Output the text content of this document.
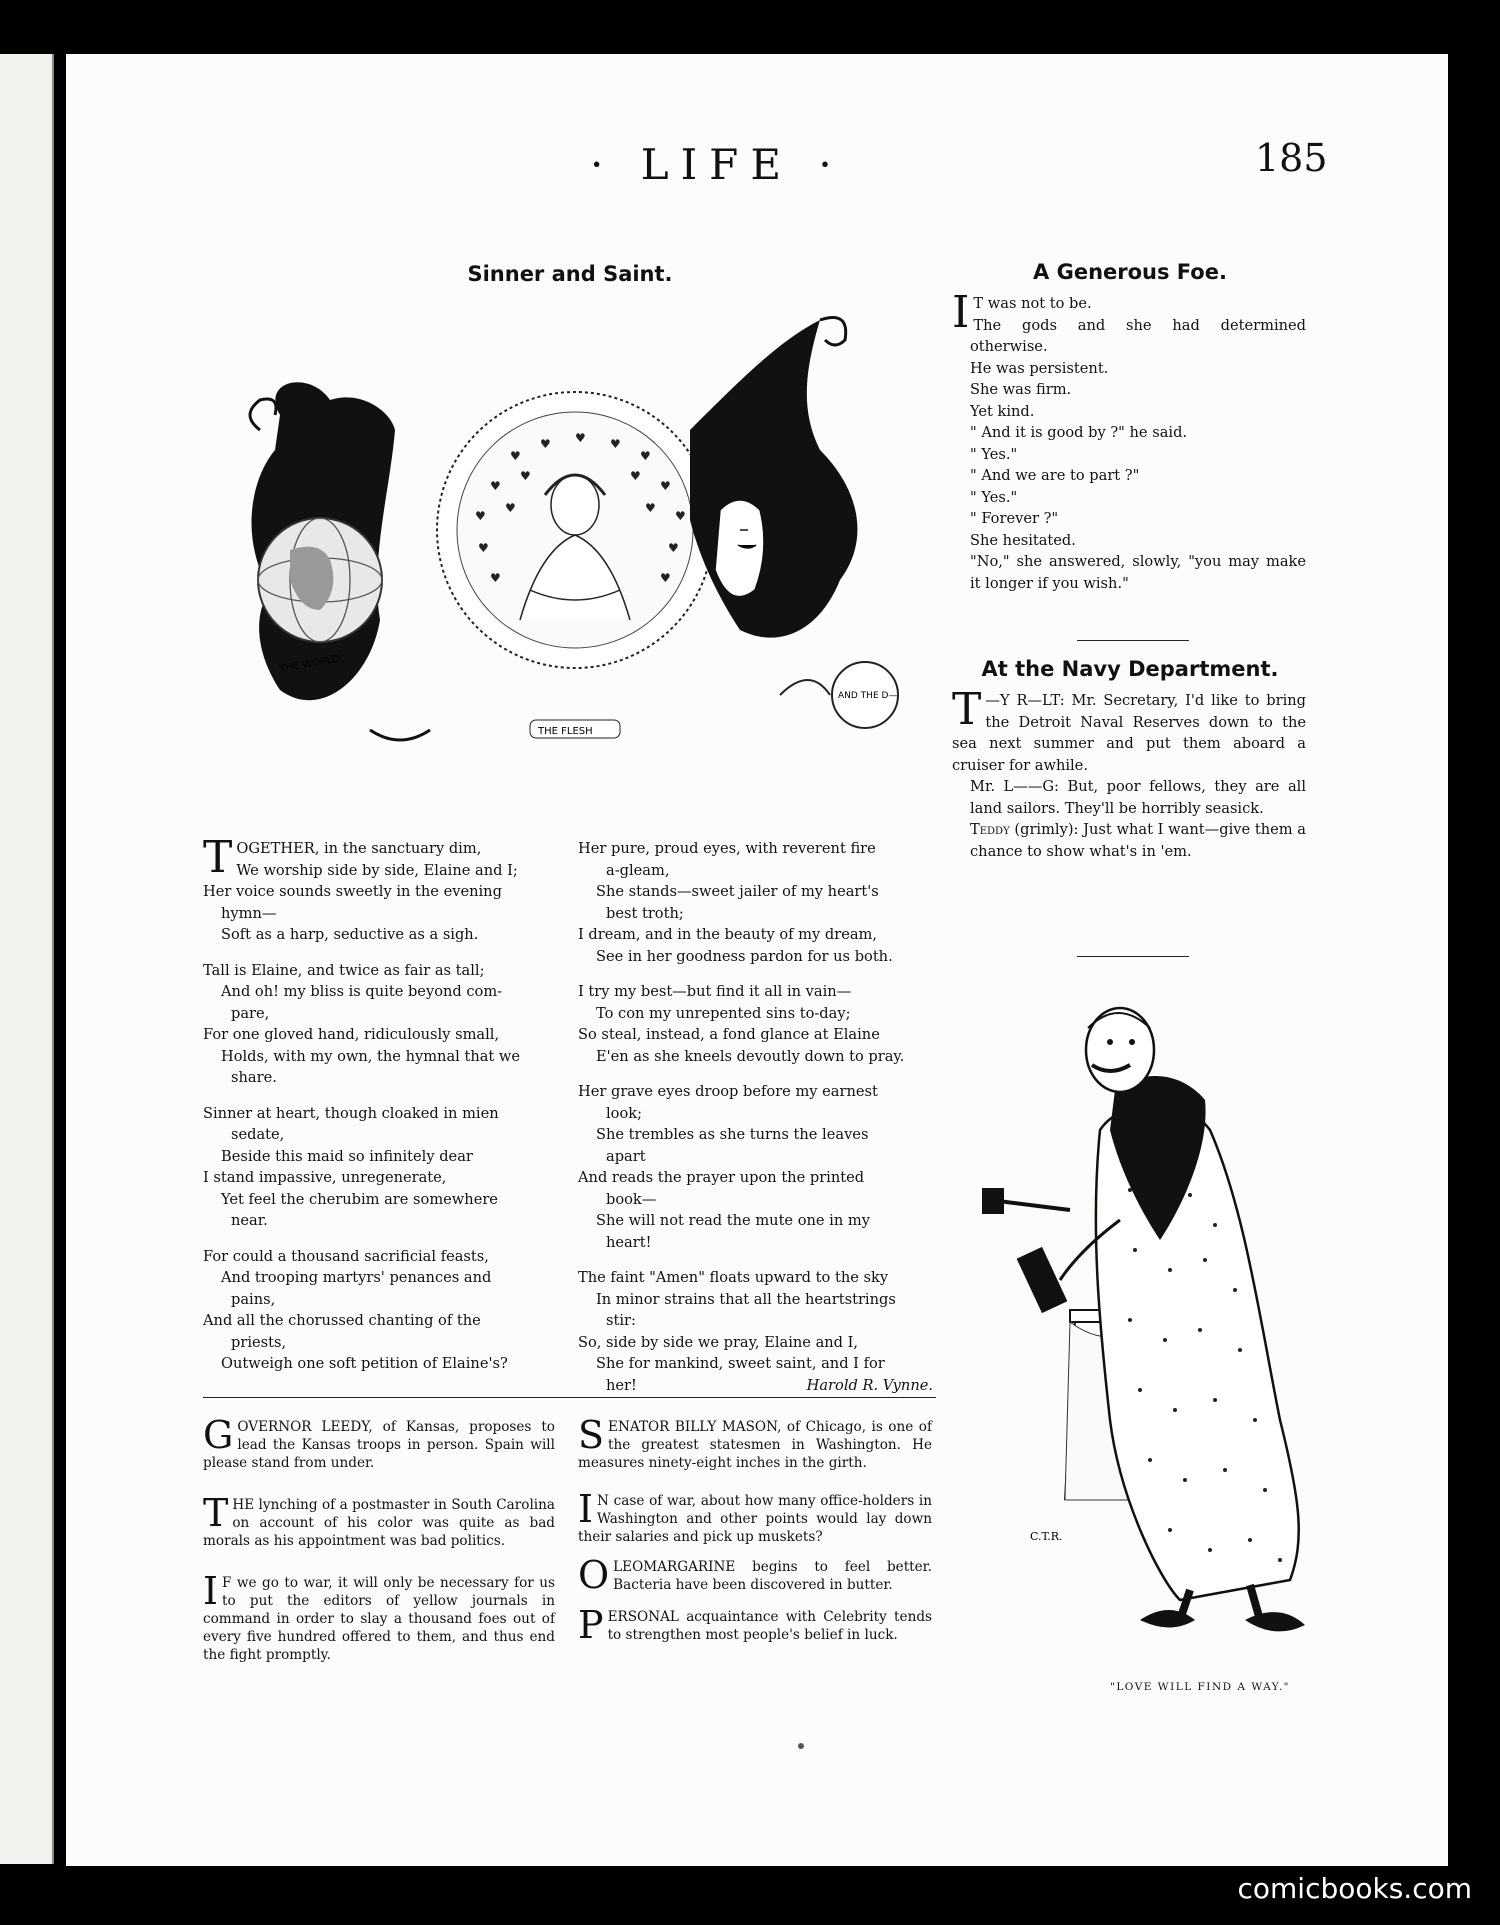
· LIFE ·	185
Sinner and Saint.
♥
♥ ♥ ♥
♥
♥
♥	♥
♥
♥
♥	♥
♥
♥	♥
♥	♥
THE WORLD
THE FLESH
AND THE D—

TOGETHER, in the sanctuary dim,

We worship side by side, Elaine and I;

Her voice sounds sweetly in the evening

hymn—

Soft as a harp, seductive as a sigh.

Tall is Elaine, and twice as fair as tall;

And oh! my bliss is quite beyond com-

pare,

For one gloved hand, ridiculously small,

Holds, with my own, the hymnal that we

share.

Sinner at heart, though cloaked in mien

sedate,

Beside this maid so infinitely dear

I stand impassive, unregenerate,

Yet feel the cherubim are somewhere

near.

For could a thousand sacrificial feasts,

And trooping martyrs' penances and

pains,

And all the chorussed chanting of the

priests,

Outweigh one soft petition of Elaine's?

Her pure, proud eyes, with reverent fire

a-gleam,

She stands—sweet jailer of my heart's

best troth;

I dream, and in the beauty of my dream,

See in her goodness pardon for us both.

I try my best—but find it all in vain—

To con my unrepented sins to-day;

So steal, instead, a fond glance at Elaine

E'en as she kneels devoutly down to pray.

Her grave eyes droop before my earnest

look;

She trembles as she turns the leaves

apart

And reads the prayer upon the printed

book—

She will not read the mute one in my

heart!

The faint "Amen" floats upward to the sky

In minor strains that all the heartstrings

stir:

So, side by side we pray, Elaine and I,

She for mankind, sweet saint, and I for

her!	Harold R. Vynne.

GOVERNOR LEEDY, of Kansas, proposes to lead the Kansas troops in person. Spain will please stand from under.

THE lynching of a postmaster in South Carolina on account of his color was quite as bad morals as his appointment was bad politics.

I F we go to war, it will only be necessary for us to put the editors of yellow journals in command in order to slay a thousand foes out of every five hundred offered to them, and thus end the fight promptly.

SENATOR BILLY MASON, of Chicago, is one of the greatest statesmen in Washington. He measures ninety-eight inches in the girth.

I N case of war, about how many office-holders in Washington and other points would lay down their salaries and pick up muskets?

OLEOMARGARINE begins to feel better. Bacteria have been discovered in butter.

PERSONAL acquaintance with Celebrity tends to strengthen most people's belief in luck.

A Generous Foe.

I T was not to be.

The gods and she had determined otherwise.

He was persistent.

She was firm.

Yet kind.

" And it is good by ?" he said.

" Yes."

" And we are to part ?"

" Yes."

" Forever ?"

She hesitated.

"No," she answered, slowly, "you may make it longer if you wish."

At the Navy Department.

T —Y R—LT: Mr. Secretary, I'd like to bring the Detroit Naval Reserves down to the sea next summer and put them aboard a cruiser for awhile.

Mr. L——G: But, poor fellows, they are all land sailors. They'll be horribly seasick.

Teddy (grimly): Just what I want—give them a chance to show what's in 'em.

C.T.R.
"LOVE WILL FIND A WAY."
comicbooks.com
